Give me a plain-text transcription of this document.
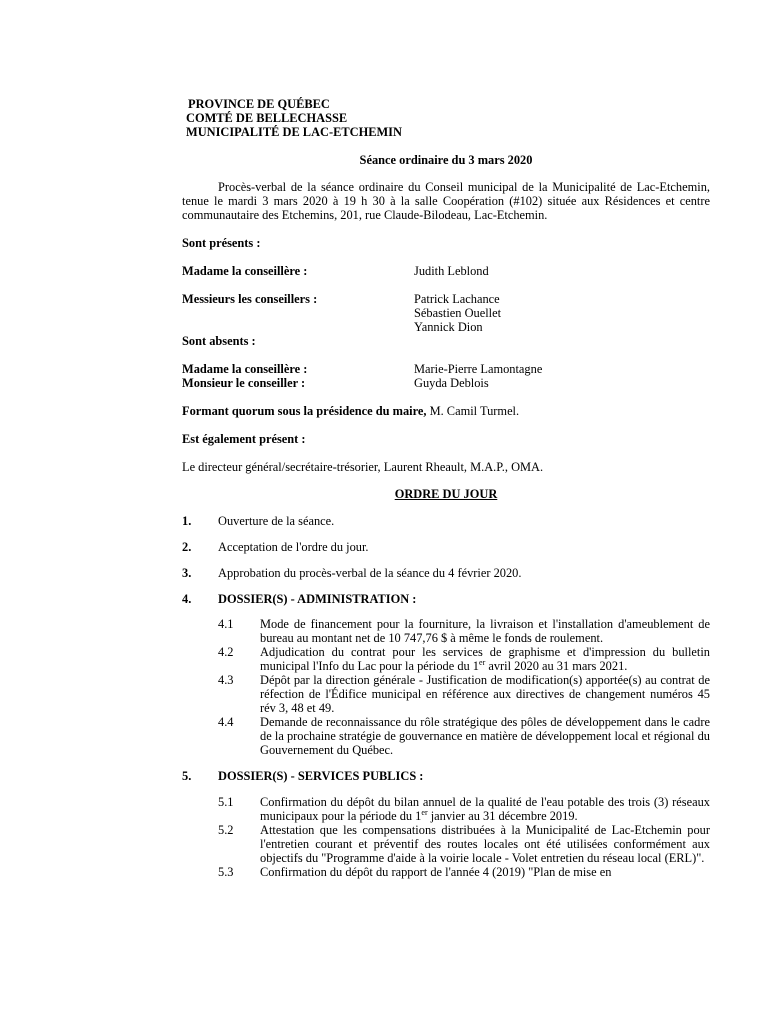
PROVINCE DE QUÉBEC
COMTÉ DE BELLECHASSE
MUNICIPALITÉ DE LAC-ETCHEMIN
Séance ordinaire du 3 mars 2020
Procès-verbal de la séance ordinaire du Conseil municipal de la Municipalité de Lac-Etchemin, tenue le mardi 3 mars 2020 à 19 h 30 à la salle Coopération (#102) située aux Résidences et centre communautaire des Etchemins, 201, rue Claude-Bilodeau, Lac-Etchemin.
Sont présents :
Madame la conseillère :	Judith Leblond
Messieurs les conseillers :	Patrick Lachance
Sébastien Ouellet
Yannick Dion
Sont absents :
Madame la conseillère :	Marie-Pierre Lamontagne
Monsieur le conseiller :	Guyda Deblois
Formant quorum sous la présidence du maire, M. Camil Turmel.
Est également présent :
Le directeur général/secrétaire-trésorier, Laurent Rheault, M.A.P., OMA.
ORDRE DU JOUR
1.	Ouverture de la séance.
2.	Acceptation de l'ordre du jour.
3.	Approbation du procès-verbal de la séance du 4 février 2020.
4.	DOSSIER(S) - ADMINISTRATION :
4.1	Mode de financement pour la fourniture, la livraison et l'installation d'ameublement de bureau au montant net de 10 747,76 $ à même le fonds de roulement.
4.2	Adjudication du contrat pour les services de graphisme et d'impression du bulletin municipal l'Info du Lac pour la période du 1er avril 2020 au 31 mars 2021.
4.3	Dépôt par la direction générale - Justification de modification(s) apportée(s) au contrat de réfection de l'Édifice municipal en référence aux directives de changement numéros 45 rév 3, 48 et 49.
4.4	Demande de reconnaissance du rôle stratégique des pôles de développement dans le cadre de la prochaine stratégie de gouvernance en matière de développement local et régional du Gouvernement du Québec.
5.	DOSSIER(S) - SERVICES PUBLICS :
5.1	Confirmation du dépôt du bilan annuel de la qualité de l'eau potable des trois (3) réseaux municipaux pour la période du 1er janvier au 31 décembre 2019.
5.2	Attestation que les compensations distribuées à la Municipalité de Lac-Etchemin pour l'entretien courant et préventif des routes locales ont été utilisées conformément aux objectifs du "Programme d'aide à la voirie locale - Volet entretien du réseau local (ERL)".
5.3	Confirmation du dépôt du rapport de l'année 4 (2019) "Plan de mise en
